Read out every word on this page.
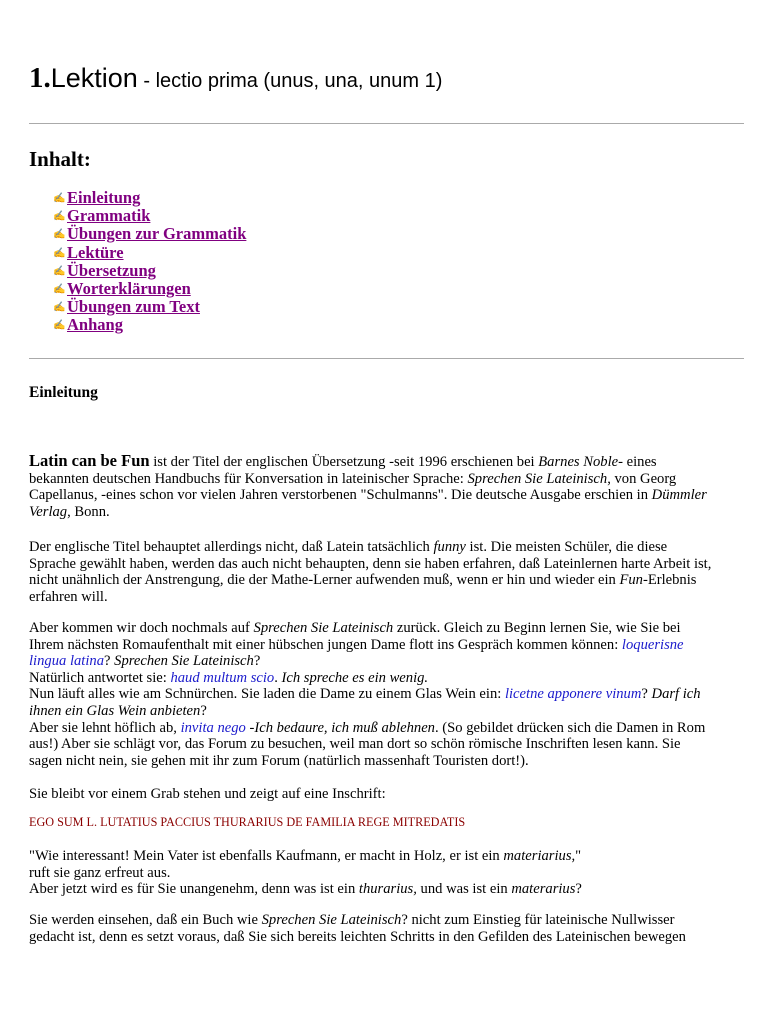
1.Lektion - lectio prima (unus, una, unum 1)
Inhalt:
✍Einleitung
✍Grammatik
✍Übungen zur Grammatik
✍Lektüre
✍Übersetzung
✍Worterklärungen
✍Übungen zum Text
✍Anhang
Einleitung
Latin can be Fun ist der Titel der englischen Übersetzung -seit 1996 erschienen bei Barnes Noble- eines
bekannten deutschen Handbuchs für Konversation in lateinischer Sprache: Sprechen Sie Lateinisch, von Georg
Capellanus, -eines schon vor vielen Jahren verstorbenen "Schulmanns". Die deutsche Ausgabe erschien in Dümmler
Verlag, Bonn.
Der englische Titel behauptet allerdings nicht, daß Latein tatsächlich funny ist. Die meisten Schüler, die diese
Sprache gewählt haben, werden das auch nicht behaupten, denn sie haben erfahren, daß Lateinlernen harte Arbeit ist,
nicht unähnlich der Anstrengung, die der Mathe-Lerner aufwenden muß, wenn er hin und wieder ein Fun-Erlebnis
erfahren will.
Aber kommen wir doch nochmals auf Sprechen Sie Lateinisch zurück. Gleich zu Beginn lernen Sie, wie Sie bei
Ihrem nächsten Romaufenthalt mit einer hübschen jungen Dame flott ins Gespräch kommen können: loquerisne
lingua latina? Sprechen Sie Lateinisch?
Natürlich antwortet sie: haud multum scio. Ich spreche es ein wenig.
Nun läuft alles wie am Schnürchen. Sie laden die Dame zu einem Glas Wein ein: licetne apponere vinum? Darf ich
ihnen ein Glas Wein anbieten?
Aber sie lehnt höflich ab, invita nego -Ich bedaure, ich muß ablehnen. (So gebildet drücken sich die Damen in Rom
aus!) Aber sie schlägt vor, das Forum zu besuchen, weil man dort so schön römische Inschriften lesen kann. Sie
sagen nicht nein, sie gehen mit ihr zum Forum (natürlich massenhaft Touristen dort!).
Sie bleibt vor einem Grab stehen und zeigt auf eine Inschrift:
EGO SUM L. LUTATIUS PACCIUS THURARIUS DE FAMILIA REGE MITREDATIS
"Wie interessant! Mein Vater ist ebenfalls Kaufmann, er macht in Holz, er ist ein materiarius,"
ruft sie ganz erfreut aus.
Aber jetzt wird es für Sie unangenehm, denn was ist ein thurarius, und was ist ein materarius?
Sie werden einsehen, daß ein Buch wie Sprechen Sie Lateinisch? nicht zum Einstieg für lateinische Nullwisser
gedacht ist, denn es setzt voraus, daß Sie sich bereits leichten Schritts in den Gefilden des Lateinischen bewegen
